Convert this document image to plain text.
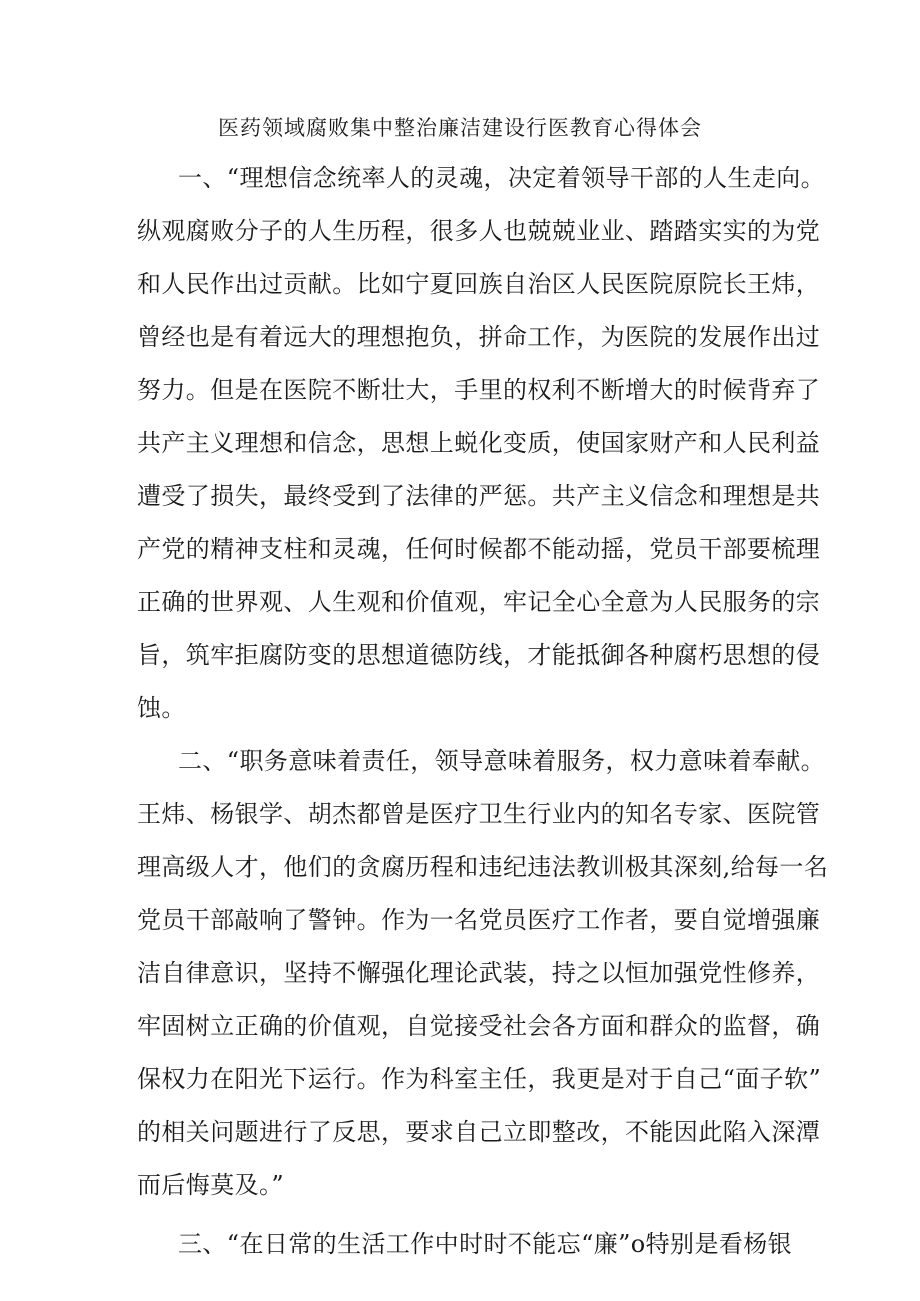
医药领域腐败集中整治廉洁建设行医教育心得体会
一、“理想信念统率人的灵魂，决定着领导干部的人生走向。
纵观腐败分子的人生历程，很多人也兢兢业业、踏踏实实的为党
和人民作出过贡献。比如宁夏回族自治区人民医院原院长王炜，
曾经也是有着远大的理想抱负，拼命工作，为医院的发展作出过
努力。但是在医院不断壮大，手里的权利不断增大的时候背弃了
共产主义理想和信念，思想上蜕化变质，使国家财产和人民利益
遭受了损失，最终受到了法律的严惩。共产主义信念和理想是共
产党的精神支柱和灵魂，任何时候都不能动摇，党员干部要梳理
正确的世界观、人生观和价值观，牢记全心全意为人民服务的宗
旨，筑牢拒腐防变的思想道德防线，才能抵御各种腐朽思想的侵
蚀。
二、“职务意味着责任，领导意味着服务，权力意味着奉献。
王炜、杨银学、胡杰都曾是医疗卫生行业内的知名专家、医院管
理高级人才，他们的贪腐历程和违纪违法教训极其深刻,给每一名
党员干部敲响了警钟。作为一名党员医疗工作者，要自觉增强廉
洁自律意识，坚持不懈强化理论武装，持之以恒加强党性修养，
牢固树立正确的价值观，自觉接受社会各方面和群众的监督，确
保权力在阳光下运行。作为科室主任，我更是对于自己“面子软”
的相关问题进行了反思，要求自己立即整改，不能因此陷入深潭
而后悔莫及。”
三、“在日常的生活工作中时时不能忘“廉”o特别是看杨银
